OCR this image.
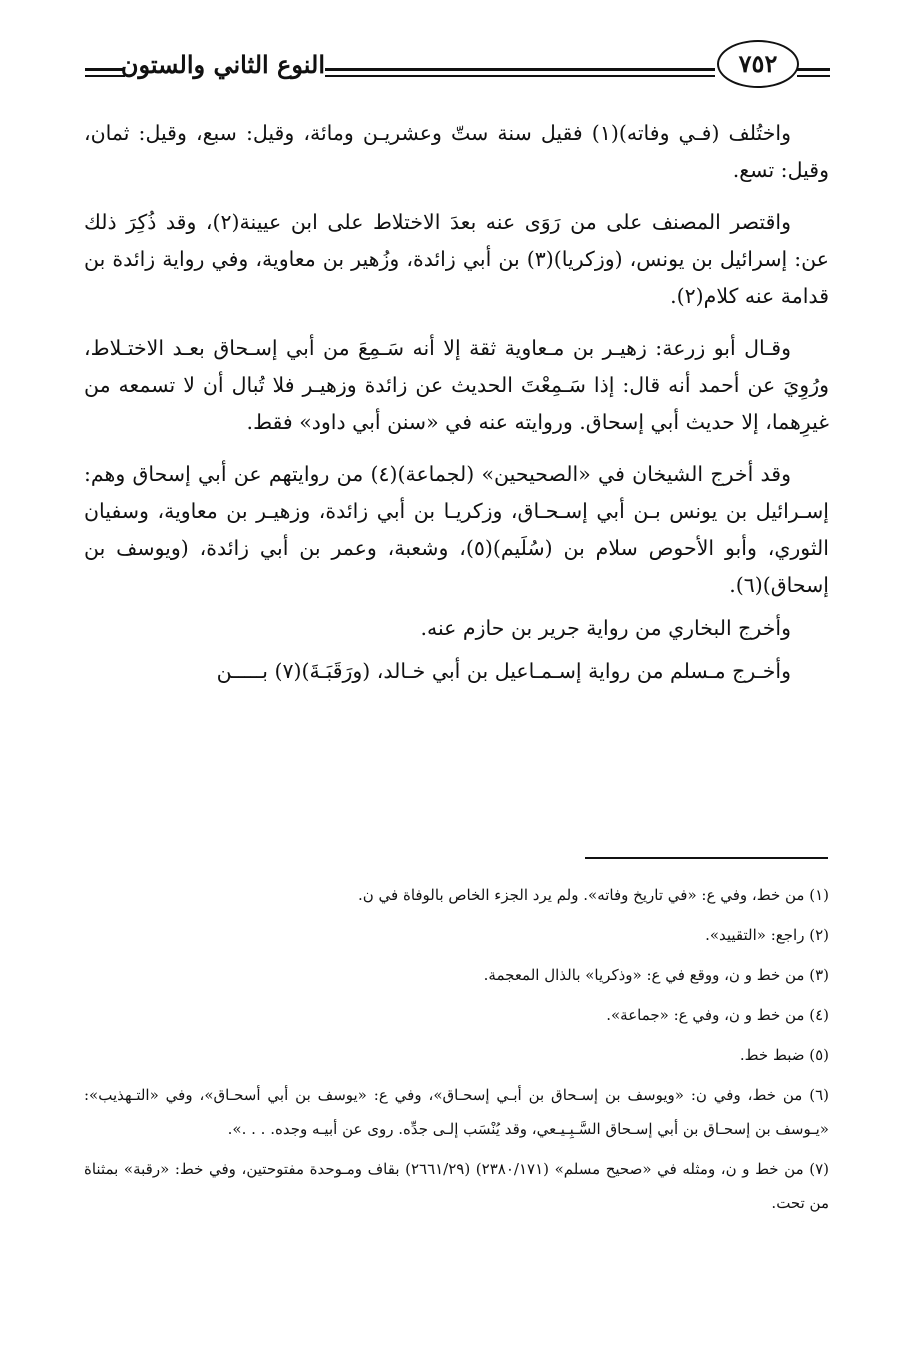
النوع الثاني والستون	٧٥٢

واختُلف (فـي وفاته)(١) فقيل سنة ستّ وعشريـن ومائة، وقيل: سبع، وقيل: ثمان، وقيل: تسع.

واقتصر المصنف على من رَوَى عنه بعدَ الاختلاط على ابن عيينة(٢)، وقد ذُكِرَ ذلك عن: إسرائيل بن يونس، (وزكريا)(٣) بن أبي زائدة، وزُهير بن معاوية، وفي رواية زائدة بن قدامة عنه كلام(٢).

وقـال أبو زرعة: زهيـر بن مـعاوية ثقة إلا أنه سَـمِعَ من أبي إسـحاق بعـد الاختـلاط، ورُوِيَ عن أحمد أنه قال: إذا سَـمِعْتَ الحديث عن زائدة وزهيـر فلا تُبال أن لا تسمعه من غيرِهما، إلا حديث أبي إسحاق. وروايته عنه في «سنن أبي داود» فقط.

وقد أخرج الشيخان في «الصحيحين» (لجماعة)(٤) من روايتهم عن أبي إسحاق وهم: إسـرائيل بن يونس بـن أبي إسـحـاق، وزكريـا بن أبي زائدة، وزهيـر بن معاوية، وسفيان الثوري، وأبو الأحوص سلام بن (سُلَيم)(٥)، وشعبة، وعمر بن أبي زائدة، (ويوسف بن إسحاق)(٦).

وأخرج البخاري من رواية جرير بن حازم عنه.

وأخـرج مـسلم من رواية إسـمـاعيل بن أبي خـالد، (ورَقَبَـةَ)(٧) بـــــن

(١) من خط، وفي ع: «في تاريخ وفاته». ولم يرد الجزء الخاص بالوفاة في ن.
(٢) راجع: «التقييد».
(٣) من خط و ن، ووقع في ع: «وذكريا» بالذال المعجمة.
(٤) من خط و ن، وفي ع: «جماعة».
(٥) ضبط خط.
(٦) من خط، وفي ن: «ويوسف بن إسـحاق بن أبـي إسحـاق»، وفي ع: «يوسف بن أبي أسحـاق»، وفي «التـهذيب»: «يـوسف بن إسحـاق بن أبي إسـحاق السَّـبِـيـعي، وقد يُنْسَب إلـى جدِّه. روى عن أبيـه وجده. . . .».
(٧) من خط و ن، ومثله في «صحيح مسلم» (٢٣٨٠/١٧١) (٢٦٦١/٢٩) بقاف ومـوحدة مفتوحتين، وفي خط: «رقبة» بمثناة من تحت.
